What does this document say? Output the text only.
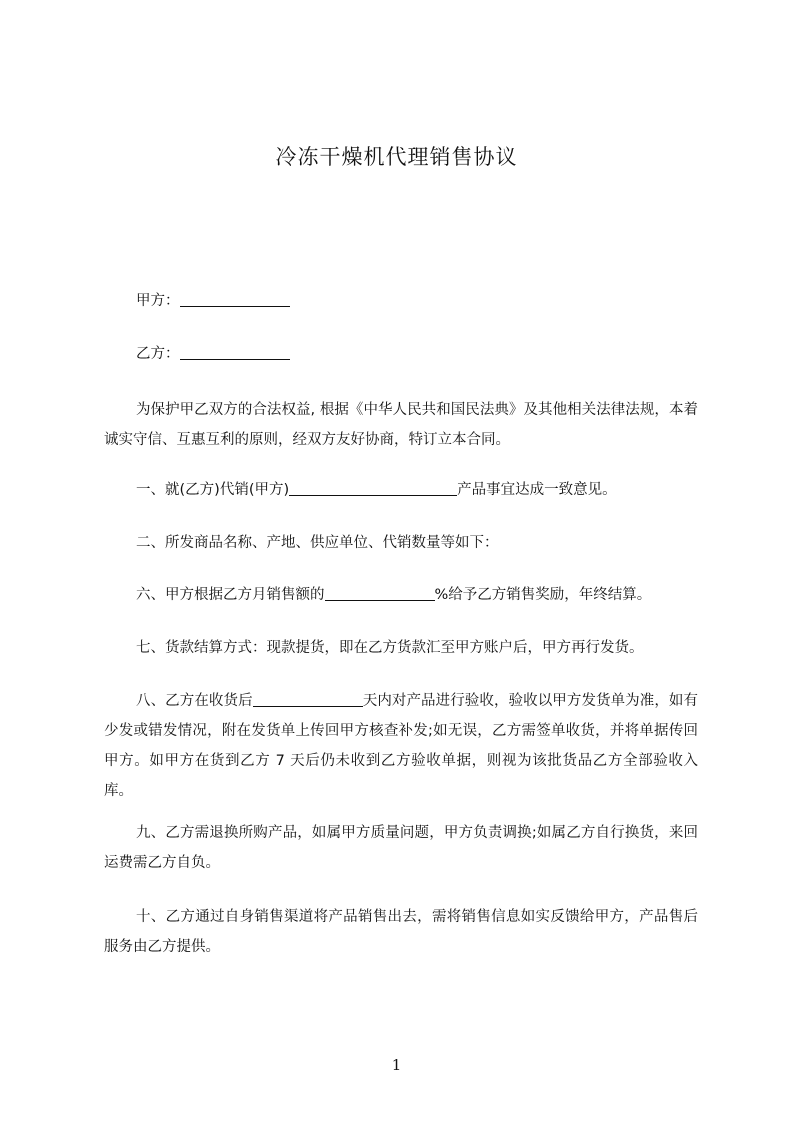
冷冻干燥机代理销售协议
甲方：
乙方：
为保护甲乙双方的合法权益, 根据《中华人民共和国民法典》及其他相关法律法规，本着诚实守信、互惠互利的原则，经双方友好协商，特订立本合同。
一、就(乙方)代销(甲方)	产品事宜达成一致意见。
二、所发商品名称、产地、供应单位、代销数量等如下：
六、甲方根据乙方月销售额的	%给予乙方销售奖励，年终结算。
七、货款结算方式：现款提货，即在乙方货款汇至甲方账户后，甲方再行发货。
八、乙方在收货后	天内对产品进行验收，验收以甲方发货单为准，如有少发或错发情况，附在发货单上传回甲方核查补发;如无误，乙方需签单收货，并将单据传回甲方。如甲方在货到乙方 7 天后仍未收到乙方验收单据，则视为该批货品乙方全部验收入库。
九、乙方需退换所购产品，如属甲方质量问题，甲方负责调换;如属乙方自行换货，来回运费需乙方自负。
十、乙方通过自身销售渠道将产品销售出去，需将销售信息如实反馈给甲方，产品售后服务由乙方提供。
1
